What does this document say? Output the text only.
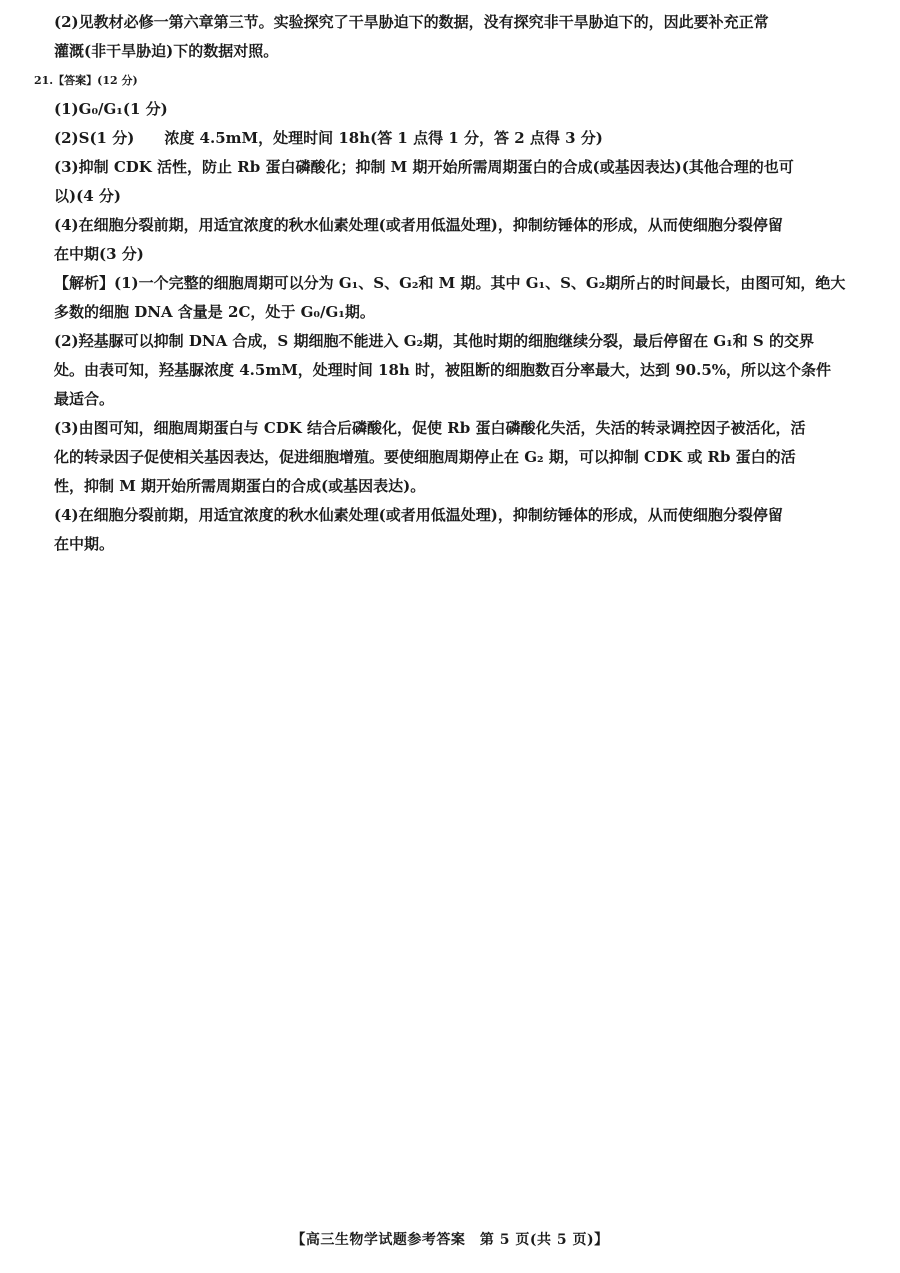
(2)见教材必修一第六章第三节。实验探究了干旱胁迫下的数据，没有探究非干旱胁迫下的，因此要补充正常
灌溉(非干旱胁迫)下的数据对照。

21.【答案】(12 分)

(1)G₀/G₁(1 分)

(2)S(1 分)　　浓度 4.5mM，处理时间 18h(答 1 点得 1 分，答 2 点得 3 分)

(3)抑制 CDK 活性，防止 Rb 蛋白磷酸化；抑制 M 期开始所需周期蛋白的合成(或基因表达)(其他合理的也可
以)(4 分)

(4)在细胞分裂前期，用适宜浓度的秋水仙素处理(或者用低温处理)，抑制纺锤体的形成，从而使细胞分裂停留
在中期(3 分)

【解析】(1)一个完整的细胞周期可以分为 G₁、S、G₂和 M 期。其中 G₁、S、G₂期所占的时间最长，由图可知，绝大
多数的细胞 DNA 含量是 2C，处于 G₀/G₁期。

(2)羟基脲可以抑制 DNA 合成，S 期细胞不能进入 G₂期，其他时期的细胞继续分裂，最后停留在 G₁和 S 的交界
处。由表可知，羟基脲浓度 4.5mM，处理时间 18h 时，被阻断的细胞数百分率最大，达到 90.5%，所以这个条件
最适合。

(3)由图可知，细胞周期蛋白与 CDK 结合后磷酸化，促使 Rb 蛋白磷酸化失活，失活的转录调控因子被活化，活
化的转录因子促使相关基因表达，促进细胞增殖。要使细胞周期停止在 G₂ 期，可以抑制 CDK 或 Rb 蛋白的活
性，抑制 M 期开始所需周期蛋白的合成(或基因表达)。

(4)在细胞分裂前期，用适宜浓度的秋水仙素处理(或者用低温处理)，抑制纺锤体的形成，从而使细胞分裂停留
在中期。

【高三生物学试题参考答案　第 5 页(共 5 页)】
